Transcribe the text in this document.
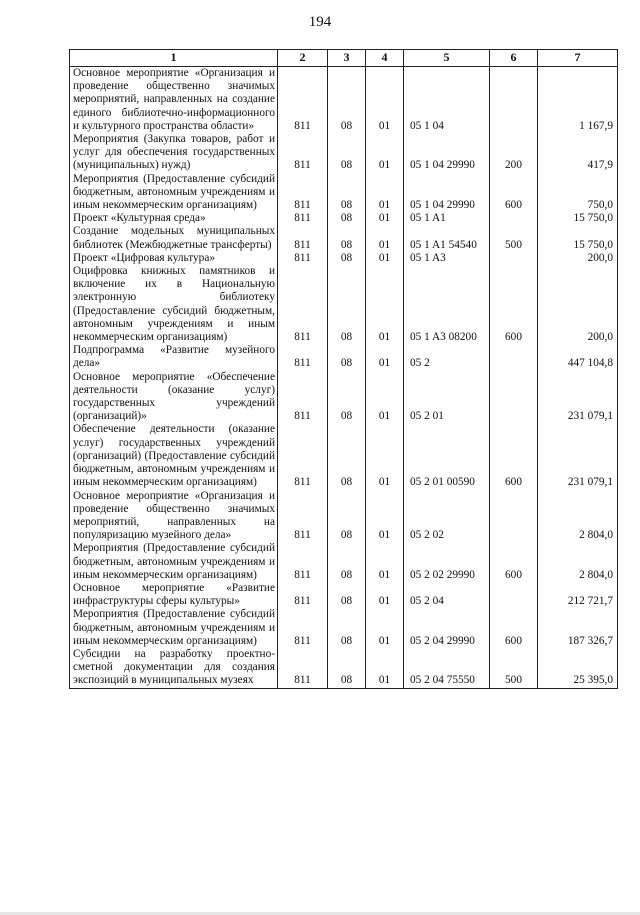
194
1	2	3	4	5	6	7
Основное мероприятие «Организация и проведение общественно значимых мероприятий, направленных на создание единого библиотечно-информационного и культурного пространства области»	811	08	01	05 1 04		1 167,9
Мероприятия (Закупка товаров, работ и услуг для обеспечения государственных (муниципальных) нужд)	811	08	01	05 1 04 29990	200	417,9
Мероприятия (Предоставление субсидий бюджетным, автономным учреждениям и иным некоммерческим организациям)	811	08	01	05 1 04 29990	600	750,0
Проект «Культурная среда»	811	08	01	05 1 A1		15 750,0
Создание модельных муниципальных библиотек (Межбюджетные трансферты)	811	08	01	05 1 A1 54540	500	15 750,0
Проект «Цифровая культура»	811	08	01	05 1 A3		200,0
Оцифровка книжных памятников и включение их в Национальную электронную библиотеку (Предоставление субсидий бюджетным, автономным учреждениям и иным некоммерческим организациям)	811	08	01	05 1 A3 08200	600	200,0
Подпрограмма «Развитие музейного дела»	811	08	01	05 2		447 104,8
Основное мероприятие «Обеспечение деятельности (оказание услуг) государственных учреждений (организаций)»	811	08	01	05 2 01		231 079,1
Обеспечение деятельности (оказание услуг) государственных учреждений (организаций) (Предоставление субсидий бюджетным, автономным учреждениям и иным некоммерческим организациям)	811	08	01	05 2 01 00590	600	231 079,1
Основное мероприятие «Организация и проведение общественно значимых мероприятий, направленных на популяризацию музейного дела»	811	08	01	05 2 02		2 804,0
Мероприятия (Предоставление субсидий бюджетным, автономным учреждениям и иным некоммерческим организациям)	811	08	01	05 2 02 29990	600	2 804,0
Основное мероприятие «Развитие инфраструктуры сферы культуры»	811	08	01	05 2 04		212 721,7
Мероприятия (Предоставление субсидий бюджетным, автономным учреждениям и иным некоммерческим организациям)	811	08	01	05 2 04 29990	600	187 326,7
Субсидии на разработку проектно-сметной документации для создания экспозиций в муниципальных музеях	811	08	01	05 2 04 75550	500	25 395,0
